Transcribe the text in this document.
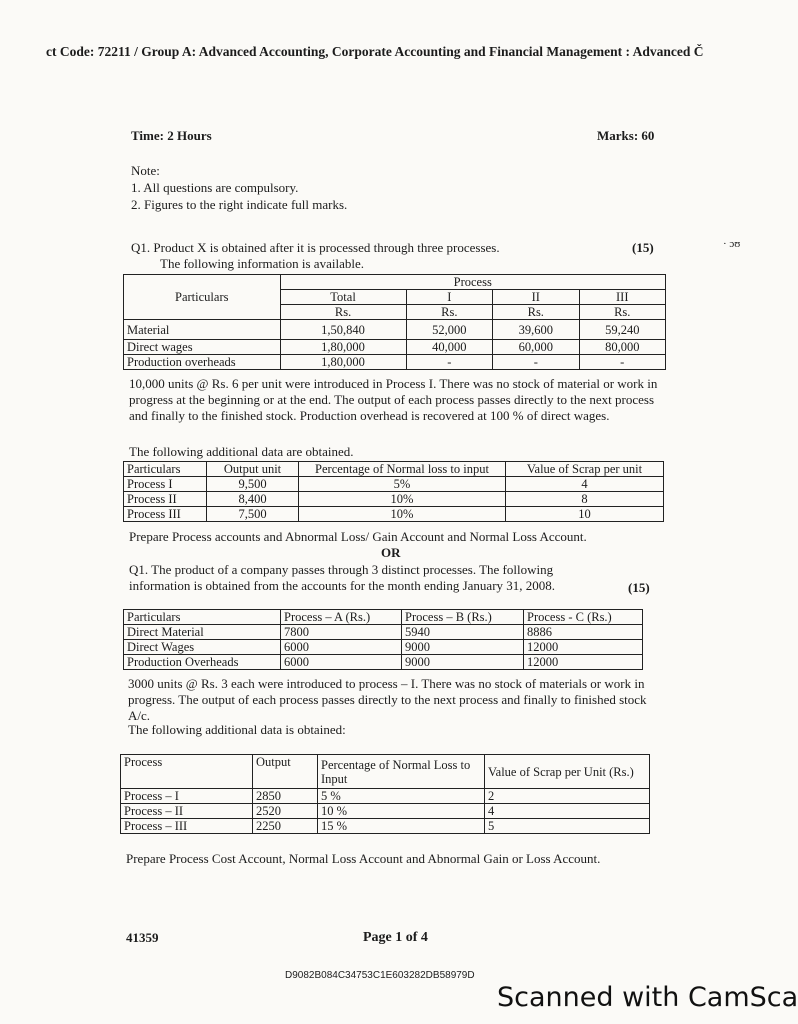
ct Code: 72211 / Group A: Advanced Accounting, Corporate Accounting and Financial Management : Advanced Č
Time: 2 Hours	Marks: 60
Note:
1. All questions are compulsory.
2. Figures to the right indicate full marks.
· ɔʊ
Q1. Product X is obtained after it is processed through three processes.	(15)
The following information is available.
Particulars	Process			
	Total	I	II	III
	Rs.	Rs.	Rs.	Rs.
Material	1,50,840	52,000	39,600	59,240
Direct wages	1,80,000	40,000	60,000	80,000
Production overheads	1,80,000	-	-	-
10,000 units @ Rs. 6 per unit were introduced in Process I. There was no stock of material or work in progress at the beginning or at the end. The output of each process passes directly to the next process and finally to the finished stock. Production overhead is recovered at 100 % of direct wages.
The following additional data are obtained.
Particulars	Output unit	Percentage of Normal loss to input	Value of Scrap per unit
Process I	9,500	5%	4
Process II	8,400	10%	8
Process III	7,500	10%	10
Prepare Process accounts and Abnormal Loss/ Gain Account and Normal Loss Account.
OR
Q1. The product of a company passes through 3 distinct processes. The following
information is obtained from the accounts for the month ending January 31, 2008.	(15)
Particulars	Process – A (Rs.)	Process – B (Rs.)	Process - C (Rs.)
Direct Material	7800	5940	8886
Direct Wages	6000	9000	12000
Production Overheads	6000	9000	12000
3000 units @ Rs. 3 each were introduced to process – I. There was no stock of materials or work in progress. The output of each process passes directly to the next process and finally to finished stock A/c.
The following additional data is obtained:
Process	Output	Percentage of Normal Loss to Input	Value of Scrap per Unit (Rs.)
Process – I	2850	5 %	2
Process – II	2520	10 %	4
Process – III	2250	15 %	5
Prepare Process Cost Account, Normal Loss Account and Abnormal Gain or Loss Account.
41359	Page 1 of 4
D9082B084C34753C1E603282DB58979D
Scanned with CamSca
